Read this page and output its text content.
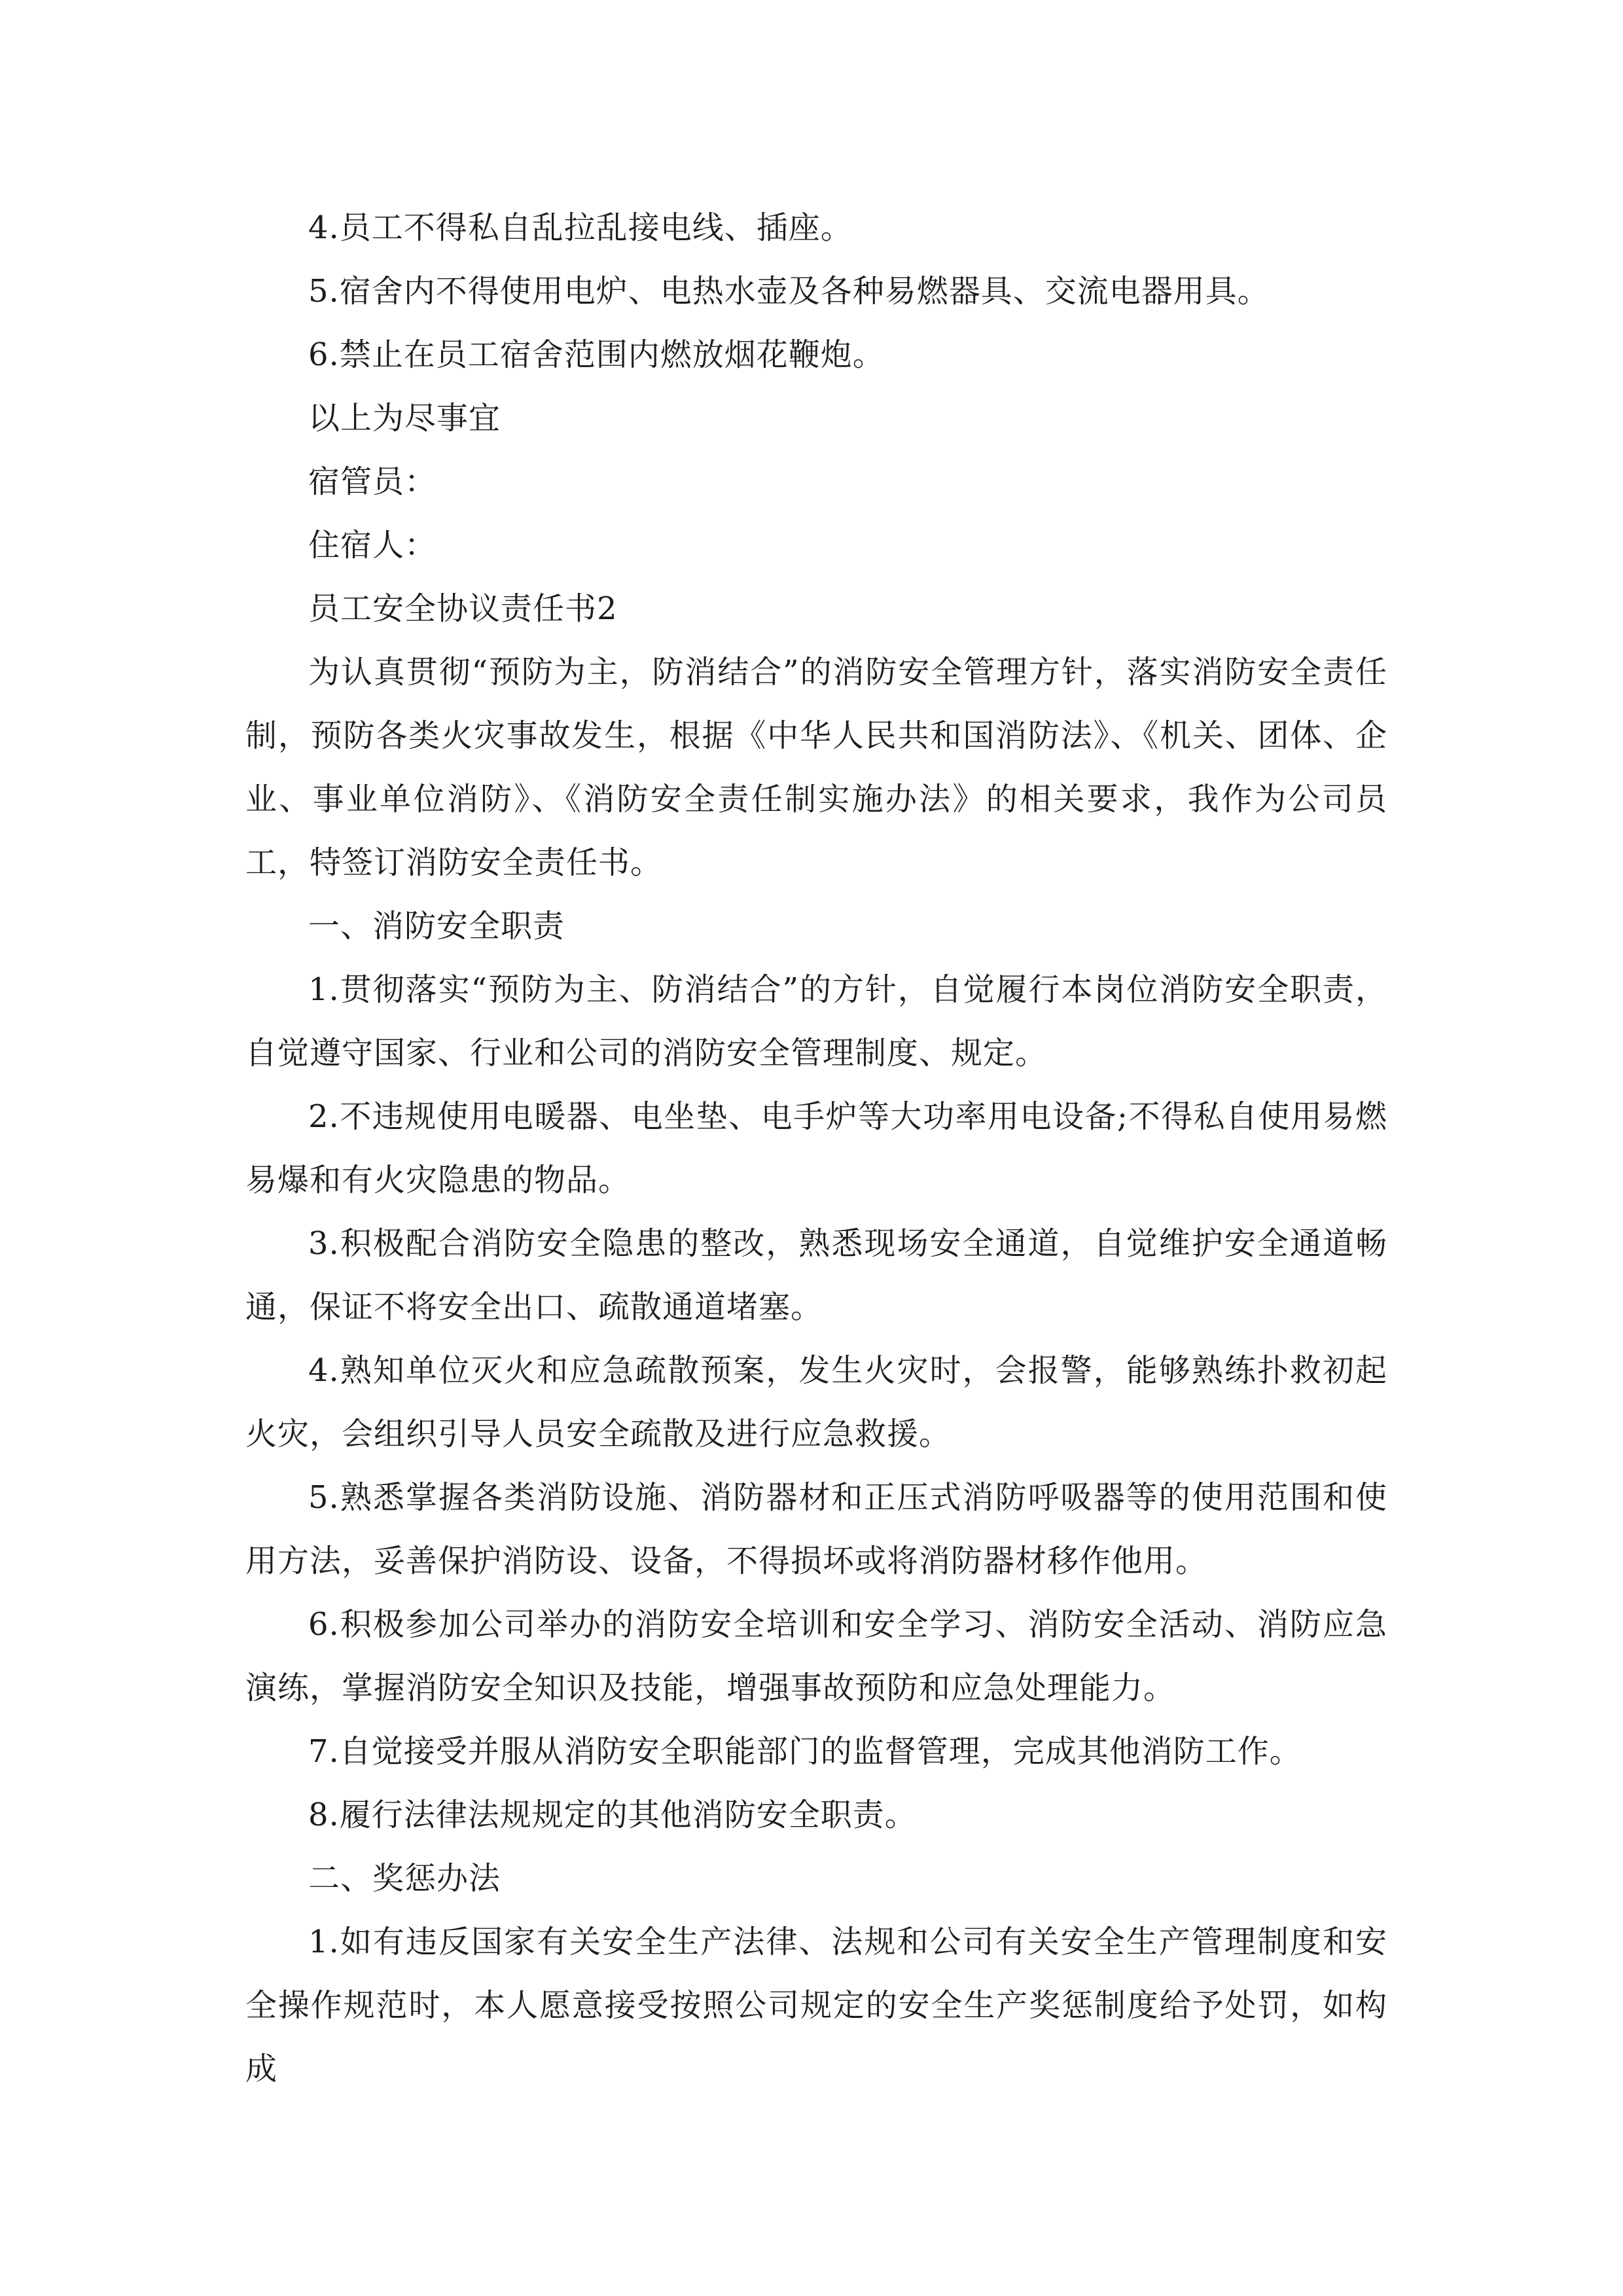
4.员工不得私自乱拉乱接电线、插座。

5.宿舍内不得使用电炉、电热水壶及各种易燃器具、交流电器用具。

6.禁止在员工宿舍范围内燃放烟花鞭炮。

以上为尽事宜

宿管员：

住宿人：

员工安全协议责任书2

为认真贯彻“预防为主，防消结合”的消防安全管理方针，落实消防安全责任制，预防各类火灾事故发生，根据《中华人民共和国消防法》、《机关、团体、企业、事业单位消防》、《消防安全责任制实施办法》的相关要求，我作为公司员工，特签订消防安全责任书。

一、消防安全职责

1.贯彻落实“预防为主、防消结合”的方针，自觉履行本岗位消防安全职责，自觉遵守国家、行业和公司的消防安全管理制度、规定。

2.不违规使用电暖器、电坐垫、电手炉等大功率用电设备;不得私自使用易燃易爆和有火灾隐患的物品。

3.积极配合消防安全隐患的整改，熟悉现场安全通道，自觉维护安全通道畅通，保证不将安全出口、疏散通道堵塞。

4.熟知单位灭火和应急疏散预案，发生火灾时，会报警，能够熟练扑救初起火灾，会组织引导人员安全疏散及进行应急救援。

5.熟悉掌握各类消防设施、消防器材和正压式消防呼吸器等的使用范围和使用方法，妥善保护消防设、设备，不得损坏或将消防器材移作他用。

6.积极参加公司举办的消防安全培训和安全学习、消防安全活动、消防应急演练，掌握消防安全知识及技能，增强事故预防和应急处理能力。

7.自觉接受并服从消防安全职能部门的监督管理，完成其他消防工作。

8.履行法律法规规定的其他消防安全职责。

二、奖惩办法

1.如有违反国家有关安全生产法律、法规和公司有关安全生产管理制度和安全操作规范时，本人愿意接受按照公司规定的安全生产奖惩制度给予处罚，如构成
